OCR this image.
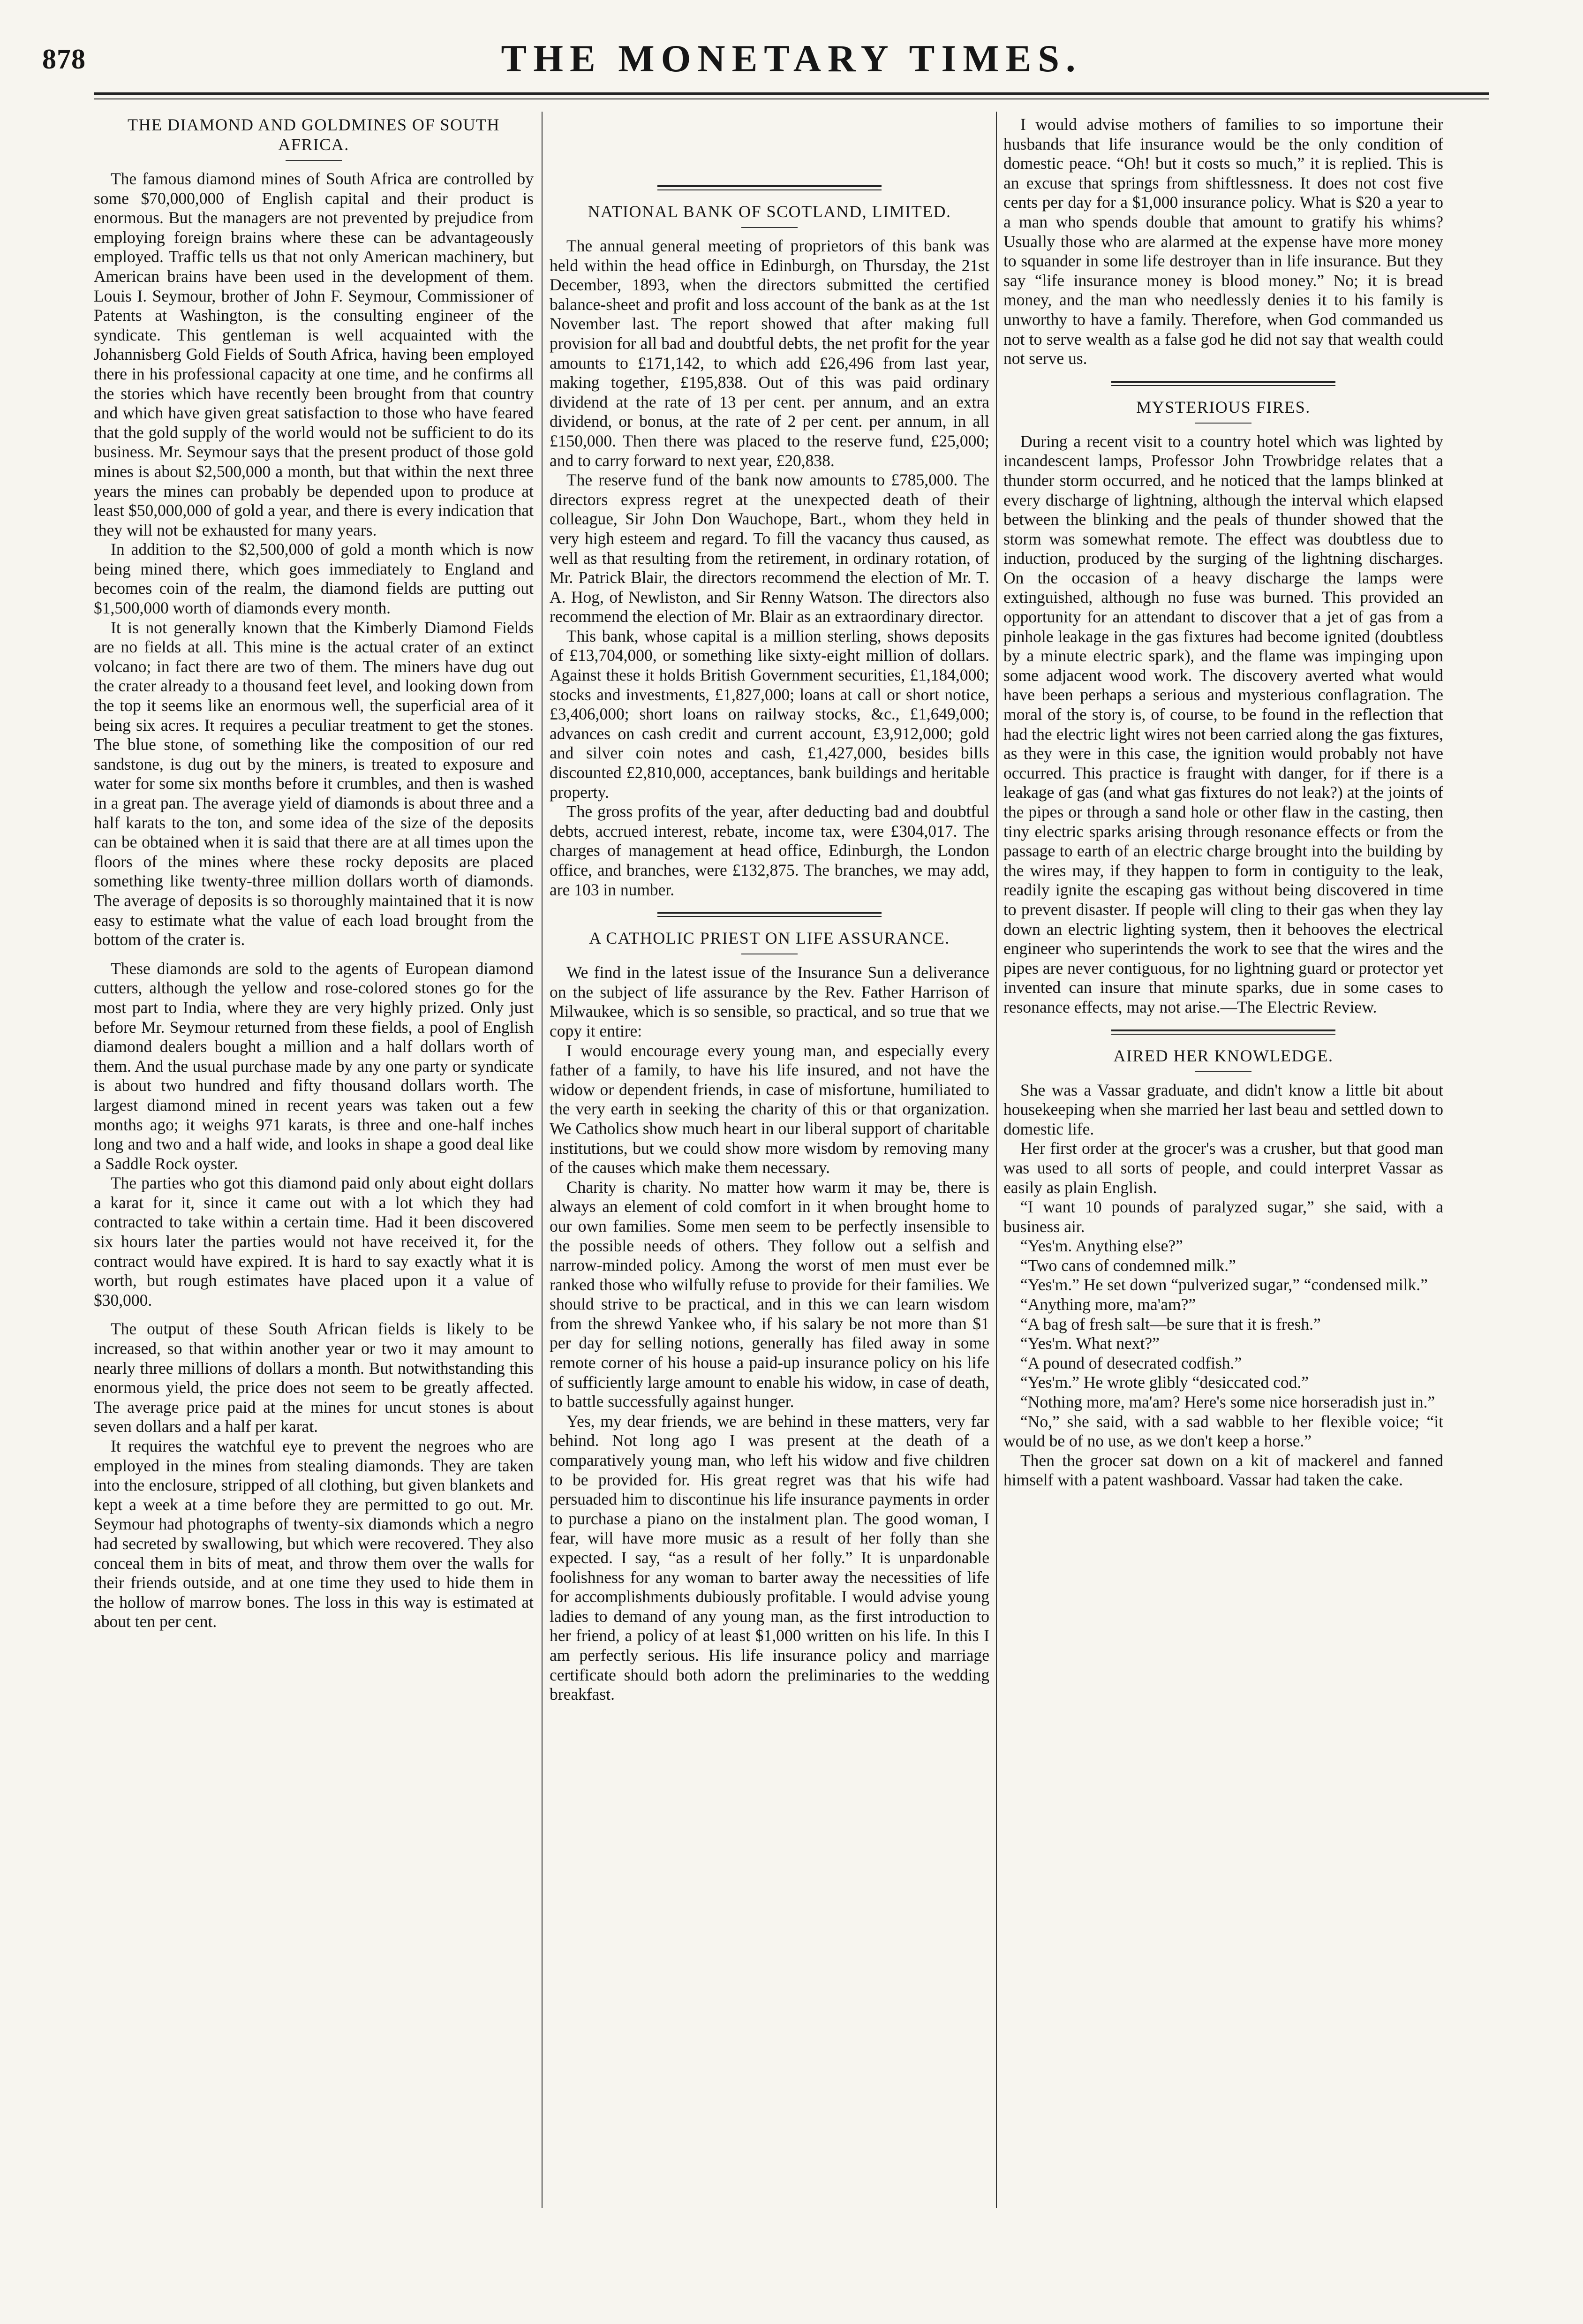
878	THE MONETARY TIMES.
THE DIAMOND AND GOLDMINES OF SOUTH AFRICA.

The famous diamond mines of South Africa are controlled by some $70,000,000 of English capital and their product is enormous. But the managers are not prevented by prejudice from employing foreign brains where these can be advantageously employed. Traffic tells us that not only American machinery, but American brains have been used in the development of them. Louis I. Seymour, brother of John F. Seymour, Commissioner of Patents at Washington, is the consulting engineer of the syndicate. This gentleman is well acquainted with the Johannisberg Gold Fields of South Africa, having been employed there in his professional capacity at one time, and he confirms all the stories which have recently been brought from that country and which have given great satisfaction to those who have feared that the gold supply of the world would not be sufficient to do its business. Mr. Seymour says that the present product of those gold mines is about $2,500,000 a month, but that within the next three years the mines can probably be depended upon to produce at least $50,000,000 of gold a year, and there is every indication that they will not be exhausted for many years.

In addition to the $2,500,000 of gold a month which is now being mined there, which goes immediately to England and becomes coin of the realm, the diamond fields are putting out $1,500,000 worth of diamonds every month.

It is not generally known that the Kimberly Diamond Fields are no fields at all. This mine is the actual crater of an extinct volcano; in fact there are two of them. The miners have dug out the crater already to a thousand feet level, and looking down from the top it seems like an enormous well, the superficial area of it being six acres. It requires a peculiar treatment to get the stones. The blue stone, of something like the composition of our red sandstone, is dug out by the miners, is treated to exposure and water for some six months before it crumbles, and then is washed in a great pan. The average yield of diamonds is about three and a half karats to the ton, and some idea of the size of the deposits can be obtained when it is said that there are at all times upon the floors of the mines where these rocky deposits are placed something like twenty-three million dollars worth of diamonds. The average of deposits is so thoroughly maintained that it is now easy to estimate what the value of each load brought from the bottom of the crater is.

These diamonds are sold to the agents of European diamond cutters, although the yellow and rose-colored stones go for the most part to India, where they are very highly prized. Only just before Mr. Seymour returned from these fields, a pool of English diamond dealers bought a million and a half dollars worth of them. And the usual purchase made by any one party or syndicate is about two hundred and fifty thousand dollars worth. The largest diamond mined in recent years was taken out a few months ago; it weighs 971 karats, is three and one-half inches long and two and a half wide, and looks in shape a good deal like a Saddle Rock oyster.

The parties who got this diamond paid only about eight dollars a karat for it, since it came out with a lot which they had contracted to take within a certain time. Had it been discovered six hours later the parties would not have received it, for the contract would have expired. It is hard to say exactly what it is worth, but rough estimates have placed upon it a value of $30,000.

The output of these South African fields is likely to be increased, so that within another year or two it may amount to nearly three millions of dollars a month. But notwithstanding this enormous yield, the price does not seem to be greatly affected. The average price paid at the mines for uncut stones is about seven dollars and a half per karat.

It requires the watchful eye to prevent the negroes who are employed in the mines from stealing diamonds. They are taken into the enclosure, stripped of all clothing, but given blankets and kept a week at a time before they are permitted to go out. Mr. Seymour had photographs of twenty-six diamonds which a negro had secreted by swallowing, but which were recovered. They also conceal them in bits of meat, and throw them over the walls for their friends outside, and at one time they used to hide them in the hollow of marrow bones. The loss in this way is estimated at about ten per cent.

NATIONAL BANK OF SCOTLAND, LIMITED.

The annual general meeting of proprietors of this bank was held within the head office in Edinburgh, on Thursday, the 21st December, 1893, when the directors submitted the certified balance-sheet and profit and loss account of the bank as at the 1st November last. The report showed that after making full provision for all bad and doubtful debts, the net profit for the year amounts to £171,142, to which add £26,496 from last year, making together, £195,838. Out of this was paid ordinary dividend at the rate of 13 per cent. per annum, and an extra dividend, or bonus, at the rate of 2 per cent. per annum, in all £150,000. Then there was placed to the reserve fund, £25,000; and to carry forward to next year, £20,838.

The reserve fund of the bank now amounts to £785,000. The directors express regret at the unexpected death of their colleague, Sir John Don Wauchope, Bart., whom they held in very high esteem and regard. To fill the vacancy thus caused, as well as that resulting from the retirement, in ordinary rotation, of Mr. Patrick Blair, the directors recommend the election of Mr. T. A. Hog, of Newliston, and Sir Renny Watson. The directors also recommend the election of Mr. Blair as an extraordinary director.

This bank, whose capital is a million sterling, shows deposits of £13,704,000, or something like sixty-eight million of dollars. Against these it holds British Government securities, £1,184,000; stocks and investments, £1,827,000; loans at call or short notice, £3,406,000; short loans on railway stocks, &c., £1,649,000; advances on cash credit and current account, £3,912,000; gold and silver coin notes and cash, £1,427,000, besides bills discounted £2,810,000, acceptances, bank buildings and heritable property.

The gross profits of the year, after deducting bad and doubtful debts, accrued interest, rebate, income tax, were £304,017. The charges of management at head office, Edinburgh, the London office, and branches, were £132,875. The branches, we may add, are 103 in number.

A CATHOLIC PRIEST ON LIFE ASSURANCE.

We find in the latest issue of the Insurance Sun a deliverance on the subject of life assurance by the Rev. Father Harrison of Milwaukee, which is so sensible, so practical, and so true that we copy it entire:

I would encourage every young man, and especially every father of a family, to have his life insured, and not have the widow or dependent friends, in case of misfortune, humiliated to the very earth in seeking the charity of this or that organization. We Catholics show much heart in our liberal support of charitable institutions, but we could show more wisdom by removing many of the causes which make them necessary.

Charity is charity. No matter how warm it may be, there is always an element of cold comfort in it when brought home to our own families. Some men seem to be perfectly insensible to the possible needs of others. They follow out a selfish and narrow-minded policy. Among the worst of men must ever be ranked those who wilfully refuse to provide for their families. We should strive to be practical, and in this we can learn wisdom from the shrewd Yankee who, if his salary be not more than $1 per day for selling notions, generally has filed away in some remote corner of his house a paid-up insurance policy on his life of sufficiently large amount to enable his widow, in case of death, to battle successfully against hunger.

Yes, my dear friends, we are behind in these matters, very far behind. Not long ago I was present at the death of a comparatively young man, who left his widow and five children to be provided for. His great regret was that his wife had persuaded him to discontinue his life insurance payments in order to purchase a piano on the instalment plan. The good woman, I fear, will have more music as a result of her folly than she expected. I say, “as a result of her folly.” It is unpardonable foolishness for any woman to barter away the necessities of life for accomplishments dubiously profitable. I would advise young ladies to demand of any young man, as the first introduction to her friend, a policy of at least $1,000 written on his life. In this I am perfectly serious. His life insurance policy and marriage certificate should both adorn the preliminaries to the wedding breakfast.

I would advise mothers of families to so importune their husbands that life insurance would be the only condition of domestic peace. “Oh! but it costs so much,” it is replied. This is an excuse that springs from shiftlessness. It does not cost five cents per day for a $1,000 insurance policy. What is $20 a year to a man who spends double that amount to gratify his whims? Usually those who are alarmed at the expense have more money to squander in some life destroyer than in life insurance. But they say “life insurance money is blood money.” No; it is bread money, and the man who needlessly denies it to his family is unworthy to have a family. Therefore, when God commanded us not to serve wealth as a false god he did not say that wealth could not serve us.

MYSTERIOUS FIRES.

During a recent visit to a country hotel which was lighted by incandescent lamps, Professor John Trowbridge relates that a thunder storm occurred, and he noticed that the lamps blinked at every discharge of lightning, although the interval which elapsed between the blinking and the peals of thunder showed that the storm was somewhat remote. The effect was doubtless due to induction, produced by the surging of the lightning discharges. On the occasion of a heavy discharge the lamps were extinguished, although no fuse was burned. This provided an opportunity for an attendant to discover that a jet of gas from a pinhole leakage in the gas fixtures had become ignited (doubtless by a minute electric spark), and the flame was impinging upon some adjacent wood work. The discovery averted what would have been perhaps a serious and mysterious conflagration. The moral of the story is, of course, to be found in the reflection that had the electric light wires not been carried along the gas fixtures, as they were in this case, the ignition would probably not have occurred. This practice is fraught with danger, for if there is a leakage of gas (and what gas fixtures do not leak?) at the joints of the pipes or through a sand hole or other flaw in the casting, then tiny electric sparks arising through resonance effects or from the passage to earth of an electric charge brought into the building by the wires may, if they happen to form in contiguity to the leak, readily ignite the escaping gas without being discovered in time to prevent disaster. If people will cling to their gas when they lay down an electric lighting system, then it behooves the electrical engineer who superintends the work to see that the wires and the pipes are never contiguous, for no lightning guard or protector yet invented can insure that minute sparks, due in some cases to resonance effects, may not arise.—The Electric Review.

AIRED HER KNOWLEDGE.

She was a Vassar graduate, and didn't know a little bit about housekeeping when she married her last beau and settled down to domestic life.

Her first order at the grocer's was a crusher, but that good man was used to all sorts of people, and could interpret Vassar as easily as plain English.

“I want 10 pounds of paralyzed sugar,” she said, with a business air.

“Yes'm. Anything else?”

“Two cans of condemned milk.”

“Yes'm.” He set down “pulverized sugar,” “condensed milk.”

“Anything more, ma'am?”

“A bag of fresh salt—be sure that it is fresh.”

“Yes'm. What next?”

“A pound of desecrated codfish.”

“Yes'm.” He wrote glibly “desiccated cod.”

“Nothing more, ma'am? Here's some nice horseradish just in.”

“No,” she said, with a sad wabble to her flexible voice; “it would be of no use, as we don't keep a horse.”

Then the grocer sat down on a kit of mackerel and fanned himself with a patent washboard. Vassar had taken the cake.
